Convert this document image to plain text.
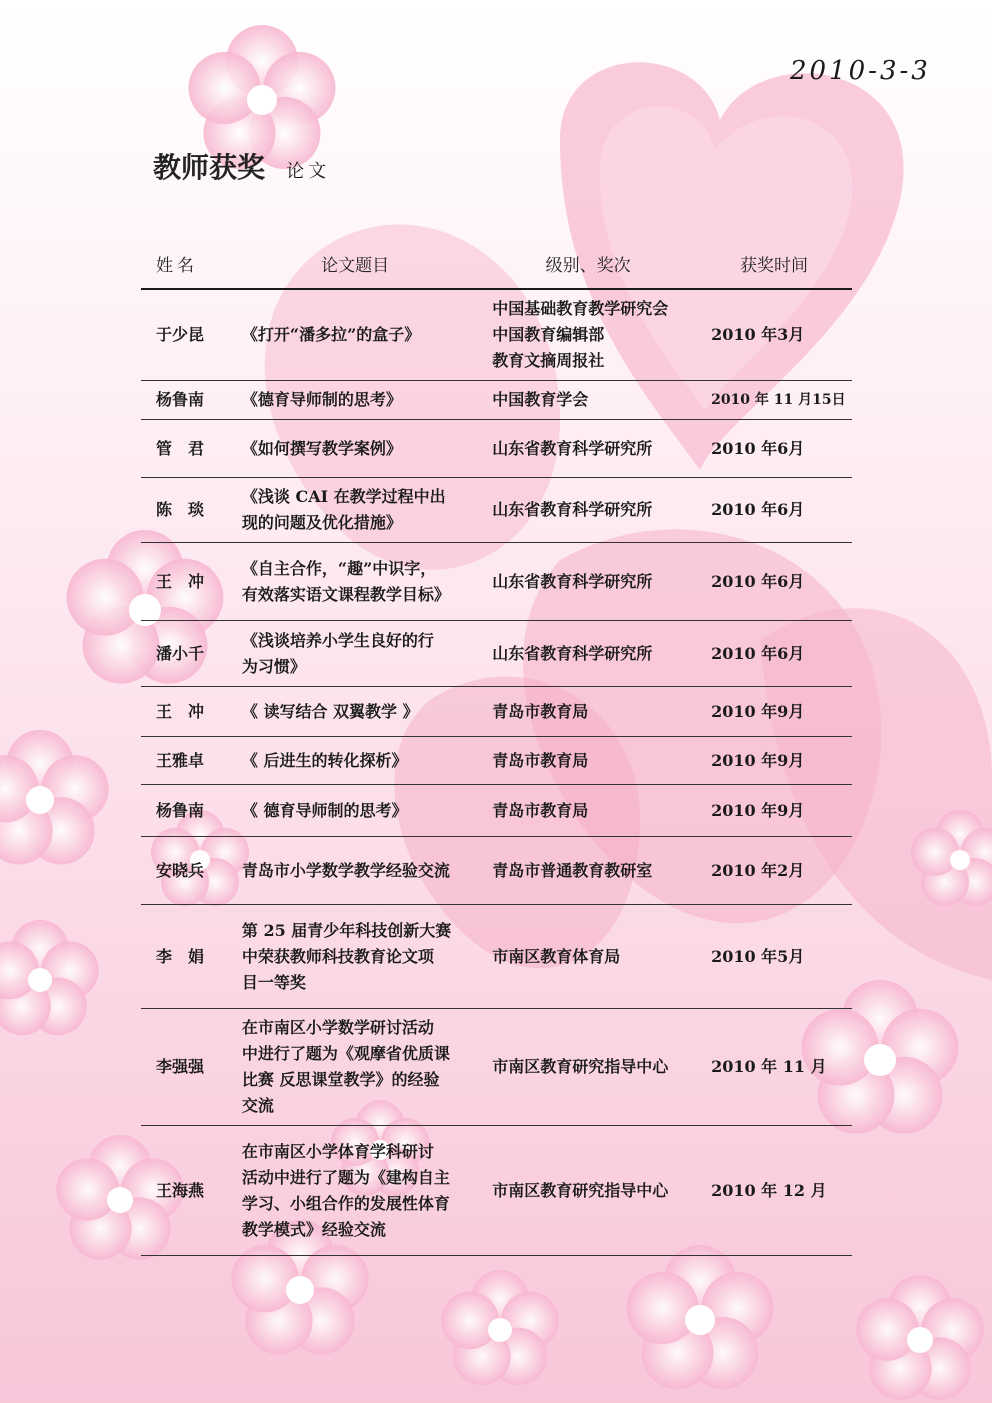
2010-3-3
教师获奖 论文
姓名	论文题目	级别、奖次	获奖时间
于少昆	《打开“潘多拉”的盒子》	中国基础教育教学研究会
中国教育编辑部
教育文摘周报社	2010 年3月
杨鲁南	《德育导师制的思考》	中国教育学会	2010 年 11 月15日
管　君	《如何撰写教学案例》	山东省教育科学研究所	2010 年6月
陈　琰	《浅谈 CAI 在教学过程中出
现的问题及优化措施》	山东省教育科学研究所	2010 年6月
王　冲	《自主合作，“趣”中识字，
有效落实语文课程教学目标》	山东省教育科学研究所	2010 年6月
潘小千	《浅谈培养小学生良好的行
为习惯》	山东省教育科学研究所	2010 年6月
王　冲	《 读写结合 双翼教学 》	青岛市教育局	2010 年9月
王雅卓	《 后进生的转化探析》	青岛市教育局	2010 年9月
杨鲁南	《 德育导师制的思考》	青岛市教育局	2010 年9月
安晓兵	青岛市小学数学教学经验交流	青岛市普通教育教研室	2010 年2月
李　娟	第 25 届青少年科技创新大赛
中荣获教师科技教育论文项
目一等奖	市南区教育体育局	2010 年5月
李强强	在市南区小学数学研讨活动
中进行了题为《观摩省优质课
比赛 反思课堂教学》的经验
交流	市南区教育研究指导中心	2010 年 11 月
王海燕	在市南区小学体育学科研讨
活动中进行了题为《建构自主
学习、小组合作的发展性体育
教学模式》经验交流	市南区教育研究指导中心	2010 年 12 月
